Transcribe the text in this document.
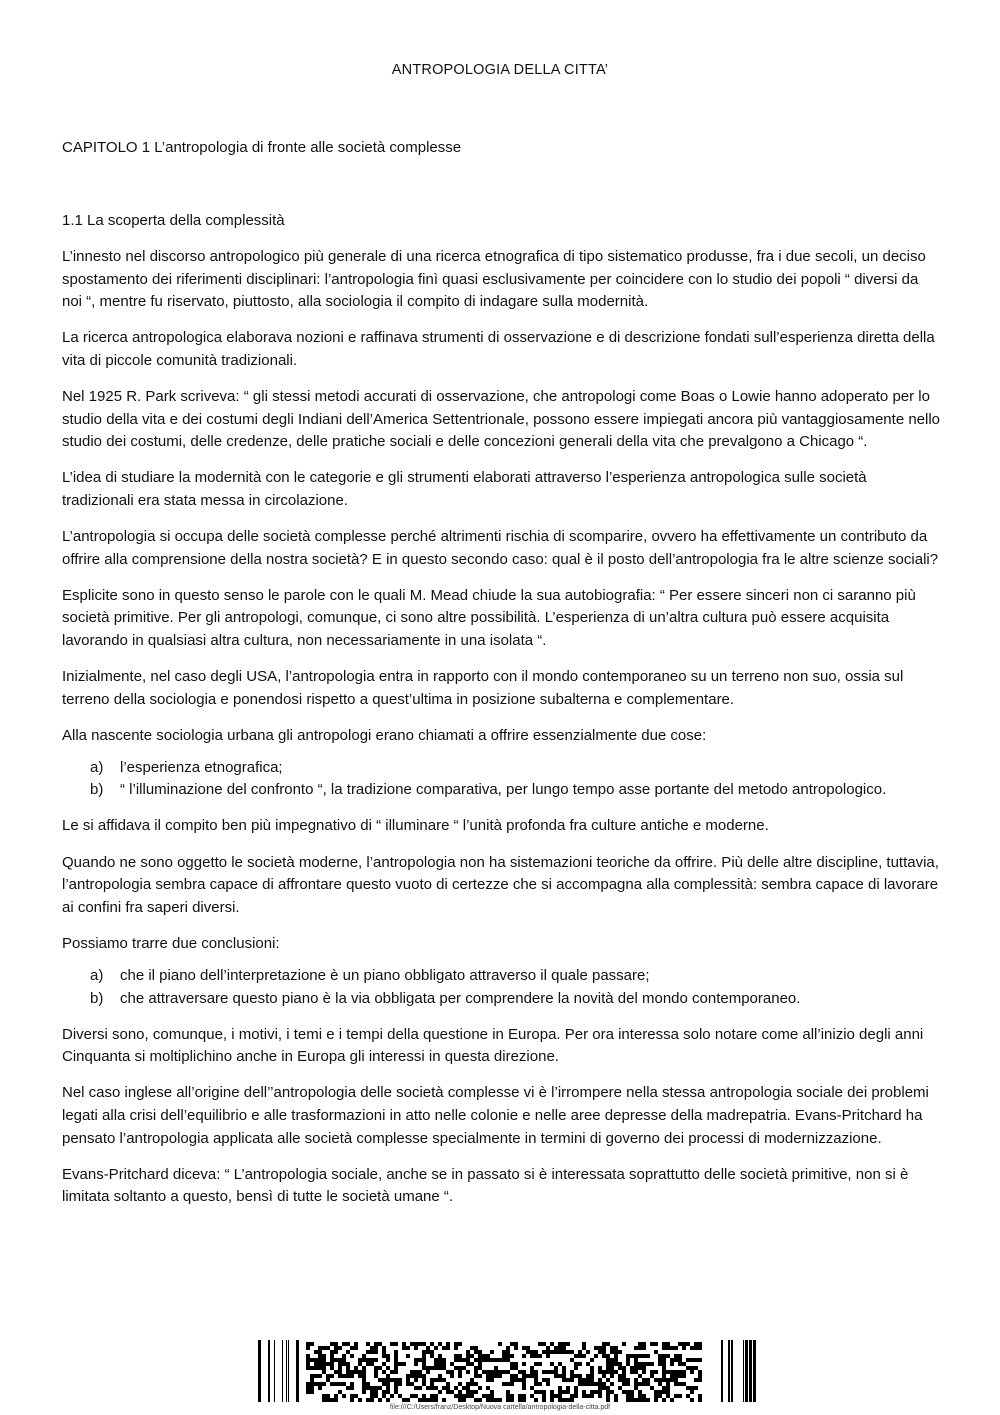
ANTROPOLOGIA DELLA CITTA’
CAPITOLO 1 L’antropologia di fronte alle società complesse

1.1 La scoperta della complessità

L’innesto nel discorso antropologico più generale di una ricerca etnografica di tipo sistematico produsse, fra i due secoli, un deciso spostamento dei riferimenti disciplinari: l’antropologia finì quasi esclusivamente per coincidere con lo studio dei popoli “ diversi da noi “, mentre fu riservato, piuttosto, alla sociologia il compito di indagare sulla modernità.

La ricerca antropologica elaborava nozioni e raffinava strumenti di osservazione e di descrizione fondati sull’esperienza diretta della vita di piccole comunità tradizionali.

Nel 1925 R. Park scriveva: “ gli stessi metodi accurati di osservazione, che antropologi come Boas o Lowie hanno adoperato per lo studio della vita e dei costumi degli Indiani dell’America Settentrionale, possono essere impiegati ancora più vantaggiosamente nello studio dei costumi, delle credenze, delle pratiche sociali e delle concezioni generali della vita che prevalgono a Chicago “.

L’idea di studiare la modernità con le categorie e gli strumenti elaborati attraverso l’esperienza antropologica sulle società tradizionali era stata messa in circolazione.

L’antropologia si occupa delle società complesse perché altrimenti rischia di scomparire, ovvero ha effettivamente un contributo da offrire alla comprensione della nostra società? E in questo secondo caso: qual è il posto dell’antropologia fra le altre scienze sociali?

Esplicite sono in questo senso le parole con le quali M. Mead chiude la sua autobiografia: “ Per essere sinceri non ci saranno più società primitive. Per gli antropologi, comunque, ci sono altre possibilità. L’esperienza di un’altra cultura può essere acquisita lavorando in qualsiasi altra cultura, non necessariamente in una isolata “.

Inizialmente, nel caso degli USA, l’antropologia entra in rapporto con il mondo contemporaneo su un terreno non suo, ossia sul terreno della sociologia e ponendosi rispetto a quest’ultima in posizione subalterna e complementare.

Alla nascente sociologia urbana gli antropologi erano chiamati a offrire essenzialmente due cose:

a) l’esperienza etnografica;
b) “ l’illuminazione del confronto “, la tradizione comparativa, per lungo tempo asse portante del metodo antropologico.

Le si affidava il compito ben più impegnativo di “ illuminare “ l’unità profonda fra culture antiche e moderne.

Quando ne sono oggetto le società moderne, l’antropologia non ha sistemazioni teoriche da offrire. Più delle altre discipline, tuttavia, l’antropologia sembra capace di affrontare questo vuoto di certezze che si accompagna alla complessità: sembra capace di lavorare ai confini fra saperi diversi.

Possiamo trarre due conclusioni:

a) che il piano dell’interpretazione è un piano obbligato attraverso il quale passare;
b) che attraversare questo piano è la via obbligata per comprendere la novità del mondo contemporaneo.

Diversi sono, comunque, i motivi, i temi e i tempi della questione in Europa. Per ora interessa solo notare come all’inizio degli anni Cinquanta si moltiplichino anche in Europa gli interessi in questa direzione.

Nel caso inglese all’origine dell’’antropologia delle società complesse vi è l’irrompere nella stessa antropologia sociale dei problemi legati alla crisi dell’equilibrio e alle trasformazioni in atto nelle colonie e nelle aree depresse della madrepatria. Evans-Pritchard ha pensato l’antropologia applicata alle società complesse specialmente in termini di governo dei processi di modernizzazione.

Evans-Pritchard diceva: “ L’antropologia sociale, anche se in passato si è interessata soprattutto delle società primitive, non si è limitata soltanto a questo, bensì di tutte le società umane “.

file:///C:/Users/franz/Desktop/Nuova cartella/antropologia-della-citta.pdf
